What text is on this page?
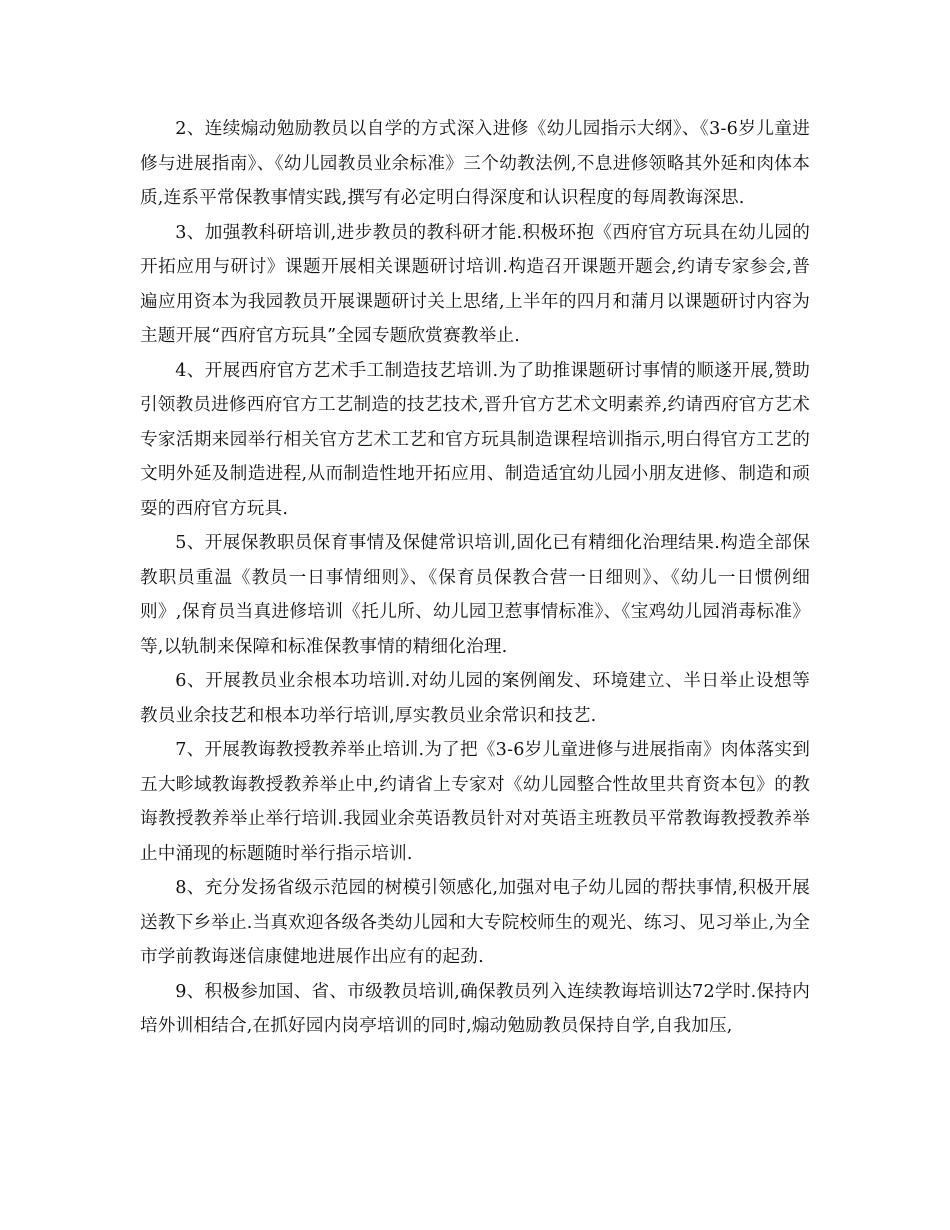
2、连续煽动勉励教员以自学的方式深入进修《幼儿园指示大纲》、《3-6岁儿童进修与进展指南》、《幼儿园教员业余标准》三个幼教法例,不息进修领略其外延和肉体本质,连系平常保教事情实践,撰写有必定明白得深度和认识程度的每周教诲深思.

3、加强教科研培训,进步教员的教科研才能.积极环抱《西府官方玩具在幼儿园的开拓应用与研讨》课题开展相关课题研讨培训.构造召开课题开题会,约请专家参会,普遍应用资本为我园教员开展课题研讨关上思绪,上半年的四月和蒲月以课题研讨内容为主题开展“西府官方玩具”全园专题欣赏赛教举止.

4、开展西府官方艺术手工制造技艺培训.为了助推课题研讨事情的顺遂开展,赞助引领教员进修西府官方工艺制造的技艺技术,晋升官方艺术文明素养,约请西府官方艺术专家活期来园举行相关官方艺术工艺和官方玩具制造课程培训指示,明白得官方工艺的文明外延及制造进程,从而制造性地开拓应用、制造适宜幼儿园小朋友进修、制造和顽耍的西府官方玩具.

5、开展保教职员保育事情及保健常识培训,固化已有精细化治理结果.构造全部保教职员重温《教员一日事情细则》、《保育员保教合营一日细则》、《幼儿一日惯例细则》,保育员当真进修培训《托儿所、幼儿园卫惹事情标准》、《宝鸡幼儿园消毒标准》等,以轨制来保障和标准保教事情的精细化治理.

6、开展教员业余根本功培训.对幼儿园的案例阐发、环境建立、半日举止设想等教员业余技艺和根本功举行培训,厚实教员业余常识和技艺.

7、开展教诲教授教养举止培训.为了把《3-6岁儿童进修与进展指南》肉体落实到五大畛域教诲教授教养举止中,约请省上专家对《幼儿园整合性故里共育资本包》的教诲教授教养举止举行培训.我园业余英语教员针对对英语主班教员平常教诲教授教养举止中涌现的标题随时举行指示培训.

8、充分发扬省级示范园的树模引领感化,加强对电子幼儿园的帮扶事情,积极开展送教下乡举止.当真欢迎各级各类幼儿园和大专院校师生的观光、练习、见习举止,为全市学前教诲迷信康健地进展作出应有的起劲.

9、积极参加国、省、市级教员培训,确保教员列入连续教诲培训达72学时.保持内培外训相结合,在抓好园内岗亭培训的同时,煽动勉励教员保持自学,自我加压,
